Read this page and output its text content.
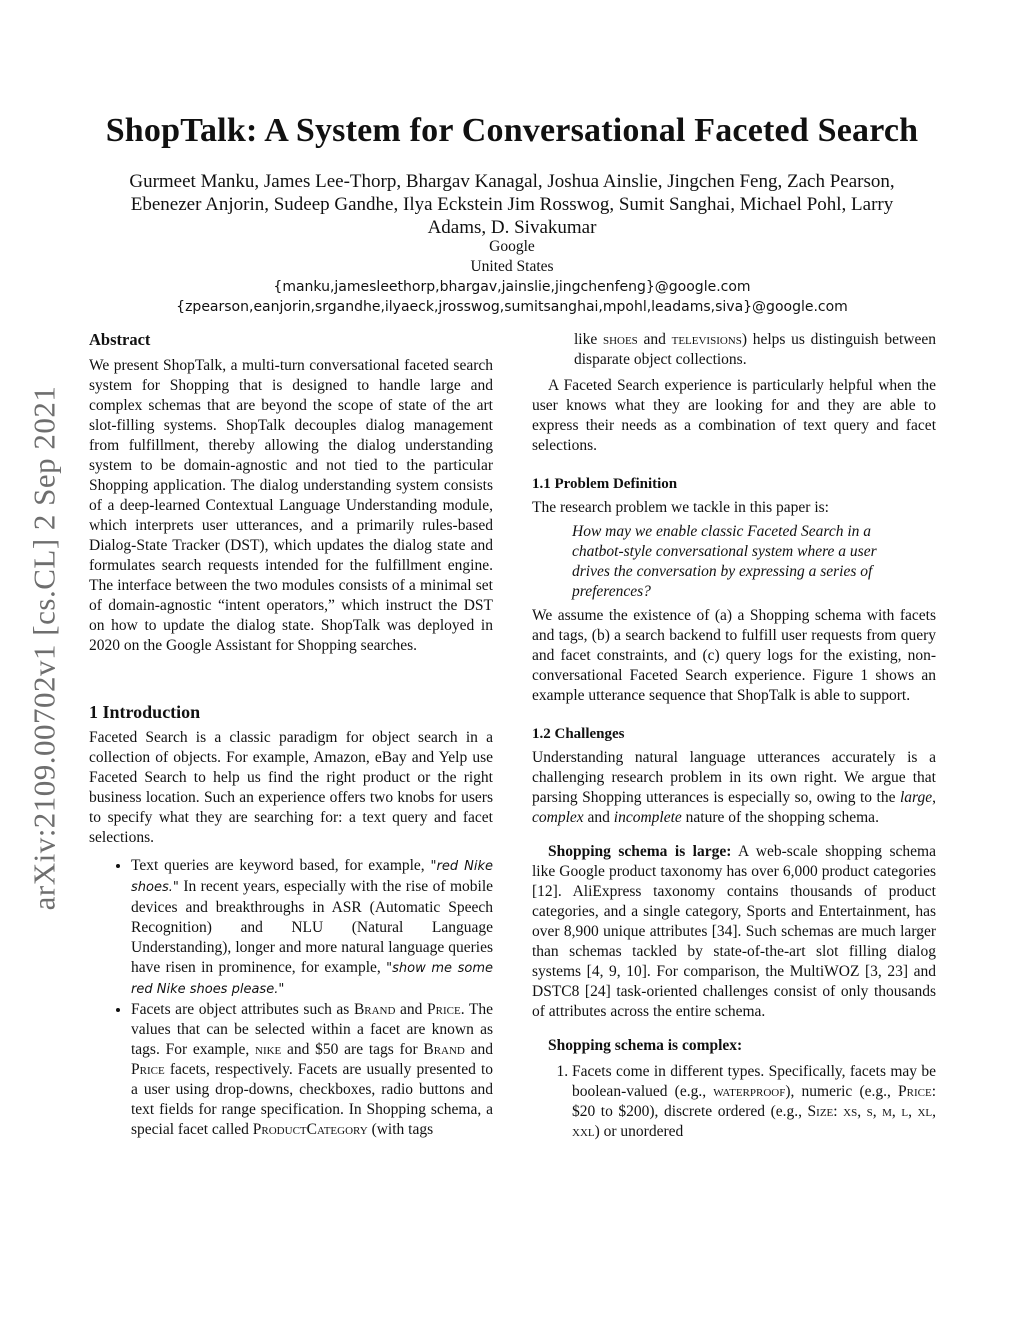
arXiv:2109.00702v1 [cs.CL] 2 Sep 2021
ShopTalk: A System for Conversational Faceted Search
Gurmeet Manku, James Lee-Thorp, Bhargav Kanagal, Joshua Ainslie, Jingchen Feng, Zach Pearson, Ebenezer Anjorin, Sudeep Gandhe, Ilya Eckstein Jim Rosswog, Sumit Sanghai, Michael Pohl, Larry Adams, D. Sivakumar
Google
United States
{manku,jamesleethorp,bhargav,jainslie,jingchenfeng}@google.com
{zpearson,eanjorin,srgandhe,ilyaeck,jrosswog,sumitsanghai,mpohl,leadams,siva}@google.com
Abstract

We present ShopTalk, a multi-turn conversational faceted search system for Shopping that is designed to handle large and complex schemas that are beyond the scope of state of the art slot-filling systems. ShopTalk decouples dialog management from fulfillment, thereby allowing the dialog understanding system to be domain-agnostic and not tied to the particular Shopping application. The dialog understanding system consists of a deep-learned Contextual Language Understanding module, which interprets user utterances, and a primarily rules-based Dialog-State Tracker (DST), which updates the dialog state and formulates search requests intended for the fulfillment engine. The interface between the two modules consists of a minimal set of domain-agnostic “intent operators,” which instruct the DST on how to update the dialog state. ShopTalk was deployed in 2020 on the Google Assistant for Shopping searches.

1 Introduction

Faceted Search is a classic paradigm for object search in a collection of objects. For example, Amazon, eBay and Yelp use Faceted Search to help us find the right product or the right business location. Such an experience offers two knobs for users to specify what they are searching for: a text query and facet selections.

• Text queries are keyword based, for example, "red Nike shoes." In recent years, especially with the rise of mobile devices and breakthroughs in ASR (Automatic Speech Recognition) and NLU (Natural Language Understanding), longer and more natural language queries have risen in prominence, for example, "show me some red Nike shoes please."
• Facets are object attributes such as Brand and Price. The values that can be selected within a facet are known as tags. For example, nike and $50 are tags for Brand and Price facets, respectively. Facets are usually presented to a user using drop-downs, checkboxes, radio buttons and text fields for range specification. In Shopping schema, a special facet called ProductCategory (with tags

like shoes and televisions) helps us distinguish between disparate object collections.

A Faceted Search experience is particularly helpful when the user knows what they are looking for and they are able to express their needs as a combination of text query and facet selections.

1.1 Problem Definition

The research problem we tackle in this paper is:

How may we enable classic Faceted Search in a chatbot-style conversational system where a user drives the conversation by expressing a series of preferences?

We assume the existence of (a) a Shopping schema with facets and tags, (b) a search backend to fulfill user requests from query and facet constraints, and (c) query logs for the existing, non-conversational Faceted Search experience. Figure 1 shows an example utterance sequence that ShopTalk is able to support.

1.2 Challenges

Understanding natural language utterances accurately is a challenging research problem in its own right. We argue that parsing Shopping utterances is especially so, owing to the large, complex and incomplete nature of the shopping schema.

Shopping schema is large: A web-scale shopping schema like Google product taxonomy has over 6,000 product categories [12]. AliExpress taxonomy contains thousands of product categories, and a single category, Sports and Entertainment, has over 8,900 unique attributes [34]. Such schemas are much larger than schemas tackled by state-of-the-art slot filling dialog systems [4, 9, 10]. For comparison, the MultiWOZ [3, 23] and DSTC8 [24] task-oriented challenges consist of only thousands of attributes across the entire schema.

Shopping schema is complex:

1. Facets come in different types. Specifically, facets may be boolean-valued (e.g., waterproof), numeric (e.g., Price: $20 to $200), discrete ordered (e.g., Size: xs, s, m, l, xl, xxl) or unordered
